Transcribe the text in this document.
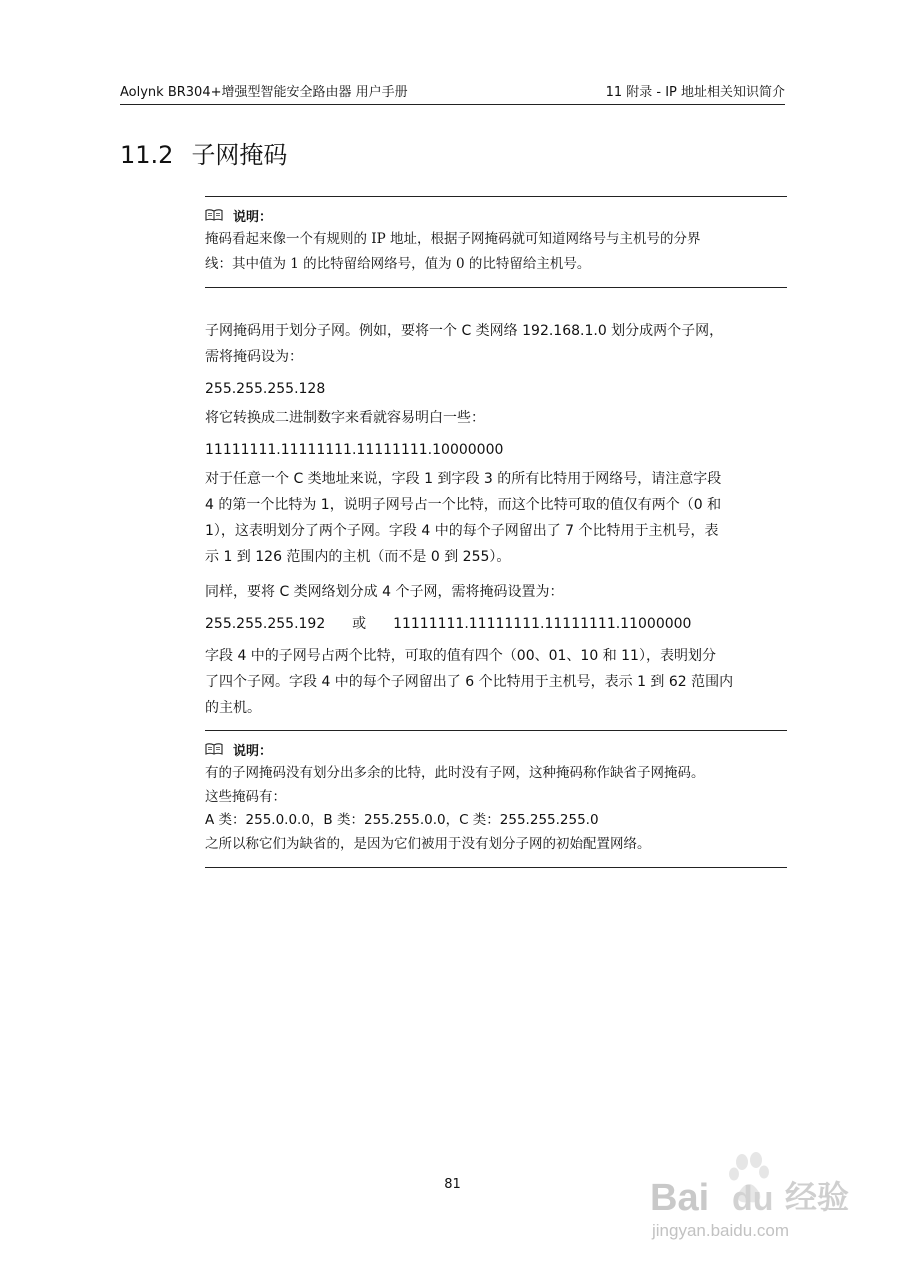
Aolynk BR304+增强型智能安全路由器 用户手册	11 附录 - IP 地址相关知识简介
11.2 子网掩码
说明：

掩码看起来像一个有规则的 IP 地址，根据子网掩码就可知道网络号与主机号的分界

线：其中值为 1 的比特留给网络号，值为 0 的比特留给主机号。

子网掩码用于划分子网。例如，要将一个 C 类网络 192.168.1.0 划分成两个子网，

需将掩码设为：

255.255.255.128

将它转换成二进制数字来看就容易明白一些：

11111111.11111111.11111111.10000000

对于任意一个 C 类地址来说，字段 1 到字段 3 的所有比特用于网络号，请注意字段

4 的第一个比特为 1，说明子网号占一个比特，而这个比特可取的值仅有两个（0 和

1），这表明划分了两个子网。字段 4 中的每个子网留出了 7 个比特用于主机号，表

示 1 到 126 范围内的主机（而不是 0 到 255）。

同样，要将 C 类网络划分成 4 个子网，需将掩码设置为：

255.255.255.192 或 11111111.11111111.11111111.11000000

字段 4 中的子网号占两个比特，可取的值有四个（00、01、10 和 11），表明划分

了四个子网。字段 4 中的每个子网留出了 6 个比特用于主机号，表示 1 到 62 范围内

的主机。

说明：

有的子网掩码没有划分出多余的比特，此时没有子网，这种掩码称作缺省子网掩码。

这些掩码有：

A 类：255.0.0.0，B 类：255.255.0.0，C 类：255.255.255.0

之所以称它们为缺省的，是因为它们被用于没有划分子网的初始配置网络。

81	Bai du 经验
jingyan.baidu.com
